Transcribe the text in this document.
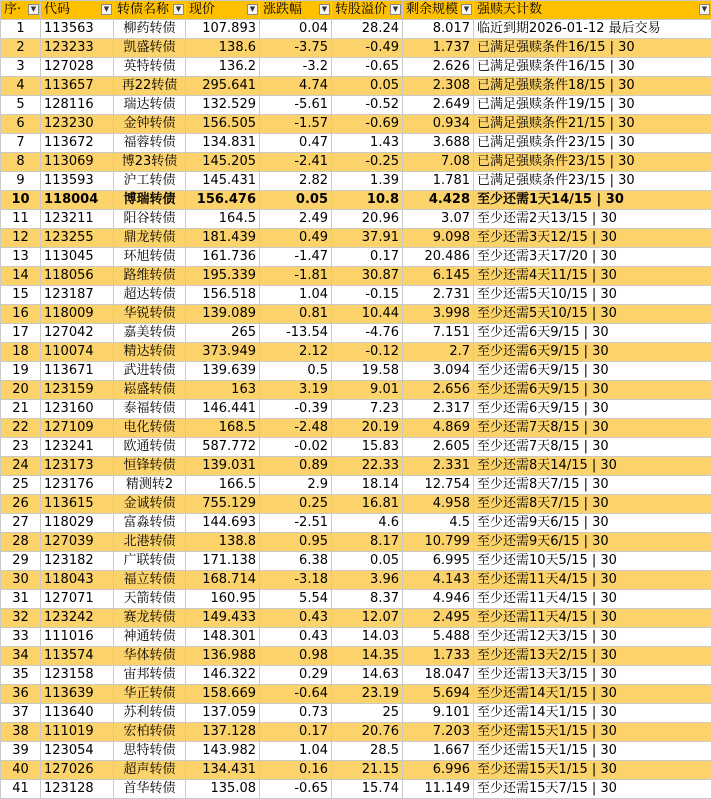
序· ▼	代码 ▼	转债名称 ▼	现价 ▼	涨跌幅 ▼	转股溢价 ▼	剩余规模 ▼	强赎天计数 ▼

1	113563	柳药转债	107.893	0.04	28.24	8.017	临近到期2026-01-12 最后交易
2	123233	凯盛转债	138.6	-3.75	-0.49	1.737	已满足强赎条件16/15 | 30
3	127028	英特转债	136.2	-3.2	-0.65	2.626	已满足强赎条件16/15 | 30
4	113657	再22转债	295.641	4.74	0.05	2.308	已满足强赎条件18/15 | 30
5	128116	瑞达转债	132.529	-5.61	-0.52	2.649	已满足强赎条件19/15 | 30
6	123230	金钟转债	156.505	-1.57	-0.69	0.934	已满足强赎条件21/15 | 30
7	113672	福蓉转债	134.831	0.47	1.43	3.688	已满足强赎条件23/15 | 30
8	113069	博23转债	145.205	-2.41	-0.25	7.08	已满足强赎条件23/15 | 30
9	113593	沪工转债	145.431	2.82	1.39	1.781	已满足强赎条件23/15 | 30
10	118004	博瑞转债	156.476	0.05	10.8	4.428	至少还需1天14/15 | 30
11	123211	阳谷转债	164.5	2.49	20.96	3.07	至少还需2天13/15 | 30
12	123255	鼎龙转债	181.439	0.49	37.91	9.098	至少还需3天12/15 | 30
13	113045	环旭转债	161.736	-1.47	0.17	20.486	至少还需3天17/20 | 30
14	118056	路维转债	195.339	-1.81	30.87	6.145	至少还需4天11/15 | 30
15	123187	超达转债	156.518	1.04	-0.15	2.731	至少还需5天10/15 | 30
16	118009	华锐转债	139.089	0.81	10.44	3.998	至少还需5天10/15 | 30
17	127042	嘉美转债	265	-13.54	-4.76	7.151	至少还需6天9/15 | 30
18	110074	精达转债	373.949	2.12	-0.12	2.7	至少还需6天9/15 | 30
19	113671	武进转债	139.639	0.5	19.58	3.094	至少还需6天9/15 | 30
20	123159	崧盛转债	163	3.19	9.01	2.656	至少还需6天9/15 | 30
21	123160	泰福转债	146.441	-0.39	7.23	2.317	至少还需6天9/15 | 30
22	127109	电化转债	168.5	-2.48	20.19	4.869	至少还需7天8/15 | 30
23	123241	欧通转债	587.772	-0.02	15.83	2.605	至少还需7天8/15 | 30
24	123173	恒锋转债	139.031	0.89	22.33	2.331	至少还需8天14/15 | 30
25	123176	精测转2	166.5	2.9	18.14	12.754	至少还需8天7/15 | 30
26	113615	金诚转债	755.129	0.25	16.81	4.958	至少还需8天7/15 | 30
27	118029	富淼转债	144.693	-2.51	4.6	4.5	至少还需9天6/15 | 30
28	127039	北港转债	138.8	0.95	8.17	10.799	至少还需9天6/15 | 30
29	123182	广联转债	171.138	6.38	0.05	6.995	至少还需10天5/15 | 30
30	118043	福立转债	168.714	-3.18	3.96	4.143	至少还需11天4/15 | 30
31	127071	天箭转债	160.95	5.54	8.37	4.946	至少还需11天4/15 | 30
32	123242	赛龙转债	149.433	0.43	12.07	2.495	至少还需11天4/15 | 30
33	111016	神通转债	148.301	0.43	14.03	5.488	至少还需12天3/15 | 30
34	113574	华体转债	136.988	0.98	14.35	1.733	至少还需13天2/15 | 30
35	123158	宙邦转债	146.322	0.29	14.63	18.047	至少还需13天3/15 | 30
36	113639	华正转债	158.669	-0.64	23.19	5.694	至少还需14天1/15 | 30
37	113640	苏利转债	137.059	0.73	25	9.101	至少还需14天1/15 | 30
38	111019	宏柏转债	137.128	0.17	20.76	7.203	至少还需15天1/15 | 30
39	123054	思特转债	143.982	1.04	28.5	1.667	至少还需15天1/15 | 30
40	127026	超声转债	134.431	0.16	21.15	6.996	至少还需15天1/15 | 30
41	123128	首华转债	135.08	-0.65	15.74	11.149	至少还需15天7/15 | 30
